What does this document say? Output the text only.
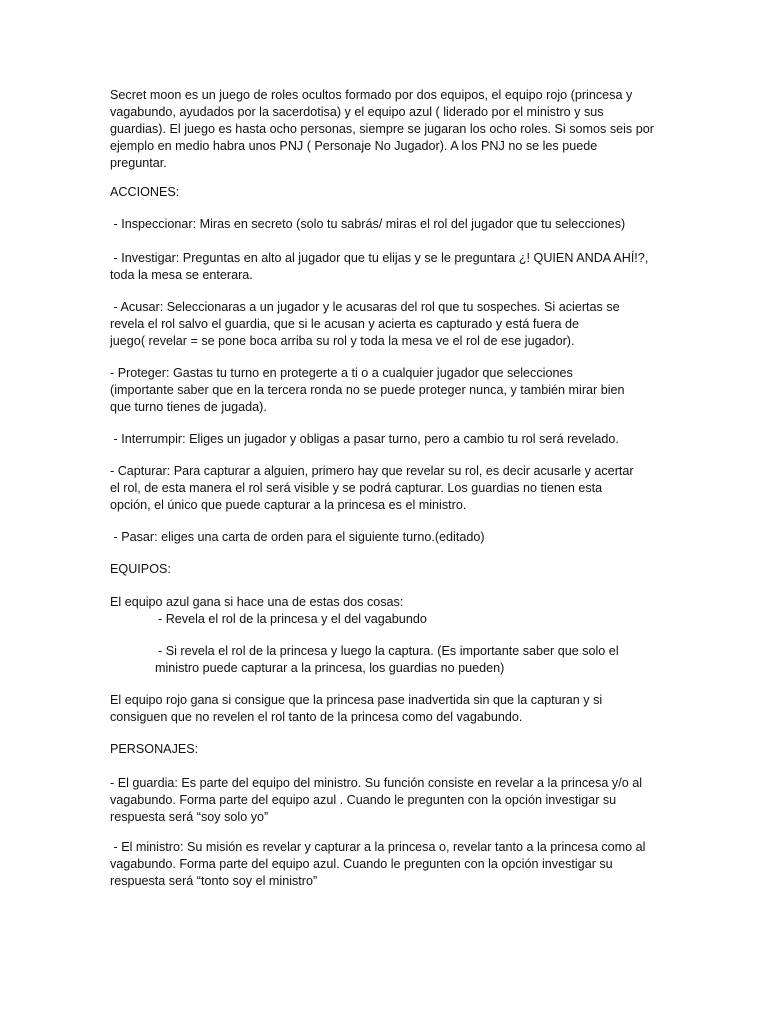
Secret moon es un juego de roles ocultos formado por dos equipos, el equipo rojo (princesa y
vagabundo, ayudados por la sacerdotisa) y el equipo azul ( liderado por el ministro y sus
guardias). El juego es hasta ocho personas, siempre se jugaran los ocho roles. Si somos seis por
ejemplo en medio habra unos PNJ ( Personaje No Jugador). A los PNJ no se les puede
preguntar.
ACCIONES:
- Inspeccionar: Miras en secreto (solo tu sabrás/ miras el rol del jugador que tu selecciones)
- Investigar: Preguntas en alto al jugador que tu elijas y se le preguntara ¿! QUIEN ANDA AHÍ!?,
toda la mesa se enterara.
- Acusar: Seleccionaras a un jugador y le acusaras del rol que tu sospeches. Si aciertas se
revela el rol salvo el guardia, que si le acusan y acierta es capturado y está fuera de
juego( revelar = se pone boca arriba su rol y toda la mesa ve el rol de ese jugador).
- Proteger: Gastas tu turno en protegerte a ti o a cualquier jugador que selecciones
(importante saber que en la tercera ronda no se puede proteger nunca, y también mirar bien
que turno tienes de jugada).
- Interrumpir: Eliges un jugador y obligas a pasar turno, pero a cambio tu rol será revelado.
- Capturar: Para capturar a alguien, primero hay que revelar su rol, es decir acusarle y acertar
el rol, de esta manera el rol será visible y se podrá capturar. Los guardias no tienen esta
opción, el único que puede capturar a la princesa es el ministro.
- Pasar: eliges una carta de orden para el siguiente turno.(editado)
EQUIPOS:
El equipo azul gana si hace una de estas dos cosas:
- Revela el rol de la princesa y el del vagabundo
- Si revela el rol de la princesa y luego la captura. (Es importante saber que solo el
ministro puede capturar a la princesa, los guardias no pueden)
El equipo rojo gana si consigue que la princesa pase inadvertida sin que la capturan y si
consiguen que no revelen el rol tanto de la princesa como del vagabundo.
PERSONAJES:
- El guardia: Es parte del equipo del ministro. Su función consiste en revelar a la princesa y/o al
vagabundo. Forma parte del equipo azul . Cuando le pregunten con la opción investigar su
respuesta será “soy solo yo”
- El ministro: Su misión es revelar y capturar a la princesa o, revelar tanto a la princesa como al
vagabundo. Forma parte del equipo azul. Cuando le pregunten con la opción investigar su
respuesta será “tonto soy el ministro”
